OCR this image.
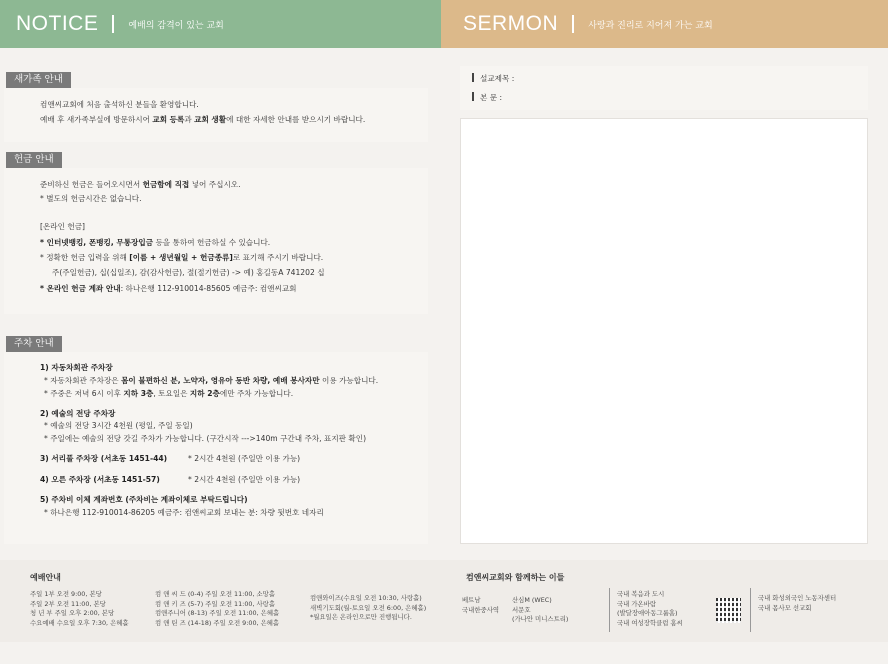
NOTICE	예배의 감격이 있는 교회	SERMON	사랑과 진리로 지어져 가는 교회
새가족 안내
컴앤씨교회에 처음 출석하신 분들을 환영합니다.
예배 후 새가족부실에 방문하시어 교회 등록과 교회 생활에 대한 자세한 안내를 받으시기 바랍니다.
헌금 안내
준비하신 헌금은 들어오시면서 헌금함에 직접 넣어 주십시오.
* 별도의 헌금시간은 없습니다.
[온라인 헌금]
* 인터넷뱅킹, 폰뱅킹, 무통장입금 등을 통하여 헌금하실 수 있습니다.
* 정확한 헌금 입력을 위해 [이름 + 생년월일 + 헌금종류]로 표기해 주시기 바랍니다.
주(주일헌금), 십(십일조), 감(감사헌금), 절(절기헌금) -> 예) 홍길동A 741202 십
* 온라인 헌금 계좌 안내: 하나은행 112-910014-85605 예금주: 컴앤씨교회
주차 안내
1) 자동차회관 주차장
* 자동차회관 주차장은 몸이 불편하신 분, 노약자, 영유아 동반 차량, 예배 봉사자만 이용 가능합니다.
* 주중은 저녁 6시 이후 지하 3층, 토요일은 지하 2층에만 주차 가능합니다.
2) 예술의 전당 주차장
* 예술의 전당 3시간 4천원 (평일, 주일 동일)
* 주일에는 예술의 전당 갓길 주차가 가능합니다. (구간시작 --->140m 구간내 주차, 표지판 확인)
3) 서리풀 주차장 (서초동 1451-44)	* 2시간 4천원 (주일만 이용 가능)
4) 오른 주차장 (서초동 1451-57)	* 2시간 4천원 (주일만 이용 가능)
5) 주차비 이체 계좌번호 (주차비는 계좌이체로 부탁드립니다)
* 하나은행 112-910014-86205 예금주: 컴앤씨교회 보내는 분: 차량 뒷번호 네자리
설교제목 :
본 문 :
예배안내
주일 1부 오전 9:00, 본당
주일 2부 오전 11:00, 본당
청 년 부 주일 오후 2:00, 본당
수요예배 수요일 오후 7:30, 은혜홀
컴 앤 씨 드 (0-4) 주일 오전 11:00, 소망홀
컴 앤 키 즈 (5-7) 주일 오전 11:00, 사랑홀
컴앤주니어 (8-13) 주일 오전 11:00, 은혜홀
컴 앤 틴 즈 (14-18) 주일 오전 9:00, 은혜홀
컴앤와이즈(수요일 오전 10:30, 사랑홀)
새벽기도회(월-토요일 오전 6:00, 은혜홀)
*월요일은 온라인으로만 진행됩니다.
컴앤씨교회와 함께하는 이들
베트남
국내한중사역
산심M (WEC)
서문호
(가나안 미니스트리)
국내 복음과 도시
국내 가온바람
(발달장애아동그룹홈)
국내 여성장학클럽 홈씨
국내 화성외국인 노동자센터
국내 몸사모 선교회
